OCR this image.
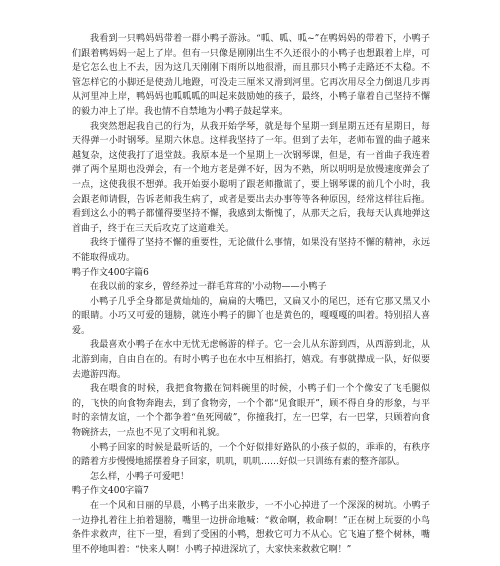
我看到一只鸭妈妈带着一群小鸭子游泳。“呱、呱、呱~”在鸭妈妈的带着下，小鸭子们跟着鸭妈妈一起上了岸。但有一只像是刚刚出生不久还很小的小鸭子也想跟着上岸，可是它怎么也上不去，因为这几天刚刚下雨所以地很滑，而且那只小鸭子走路还不太稳。不管怎样它的小脚还是使劲儿地蹬，可没走三厘米又滑到河里。它再次用尽全力倒退几步再从河里冲上岸，鸭妈妈也呱呱呱的叫起来鼓励她的孩子，最终，小鸭子靠着自己坚持不懈的毅力冲上了岸。我也情不自禁地为小鸭子鼓起掌来。

我突然想起我自己的行为，从我开始学琴，就是每个星期一到星期五还有星期日，每天得弹一小时钢琴。星期六休息。这样我坚持了一年。但到了去年，老师布置的曲子越来越复杂，这使我打了退堂鼓。我原本是一个星期上一次钢琴课，但是，有一首曲子我连着弹了两个星期也没弹会，有一个地方老是弹不好，因为不熟，所以明明是放慢速度弹会了一点，这使我很不想弹。我开始耍小聪明了跟老师撒谎了，要上钢琴课的前几个小时，我会跟老师请假，告诉老师我生病了，或者是要出去办事等等各种原因，经常这样往后拖。看到这么小的鸭子都懂得要坚持不懈，我感到太惭愧了，从那天之后，我每天认真地弹这首曲子，终于在三天后攻克了这道难关。

我终于懂得了坚持不懈的重要性，无论做什么事情，如果没有坚持不懈的精神，永远不能取得成功。

鸭子作文400字篇6

在我以前的家乡，曾经养过一群毛茸茸的'小动物——小鸭子

小鸭子几乎全身都是黄灿灿的，扁扁的大嘴巴，又扁又小的尾巴，还有它那又黑又小的眼睛。小巧又可爱的翅膀，就连小鸭子的脚丫也是黄色的，嘎嘎嘎的叫着。特别招人喜爱。

我最喜欢小鸭子在水中无忧无虑畅游的样子。它一会儿从东游到西，从西游到北，从北游到南，自由自在的。有时小鸭子也在水中互相掐打，嬉戏。有事就撵成一队，好似要去遨游四海。

我在喂食的时候，我把食物撒在饲料碗里的时候，小鸭子们一个个像安了飞毛腿似的，飞快的向食物奔跑去，到了食物旁，一个个都“见食眼开”，顾不得自身的形象，与平时的亲情友谊，一个个都争着“鱼死网破”，你撞我打，左一巴掌，右一巴掌，只顾着向食物碗挤去，一点也不见了文明和礼貌。

小鸭子回家的时候是最听话的，一个个好似排好路队的小孩子似的，乖乖的，有秩序的踏着方步慢慢地摇摆着身子回家，叽叽，叽叽……好似一只训练有素的整齐部队。

怎么样，小鸭子可爱吧！

鸭子作文400字篇7

在一个风和日丽的早晨，小鸭子出来散步，一不小心掉进了一个深深的树坑。小鸭子一边挣扎着往上拍着翅膀，嘴里一边拼命地喊：“救命啊，救命啊！”正在树上玩耍的小鸟条件求救声，往下一望，看到了受困的小鸭，想救它可力不从心。它飞遍了整个树林，嘴里不停地叫着：“快来人啊！小鸭子掉进深坑了，大家快来救救它啊！”
